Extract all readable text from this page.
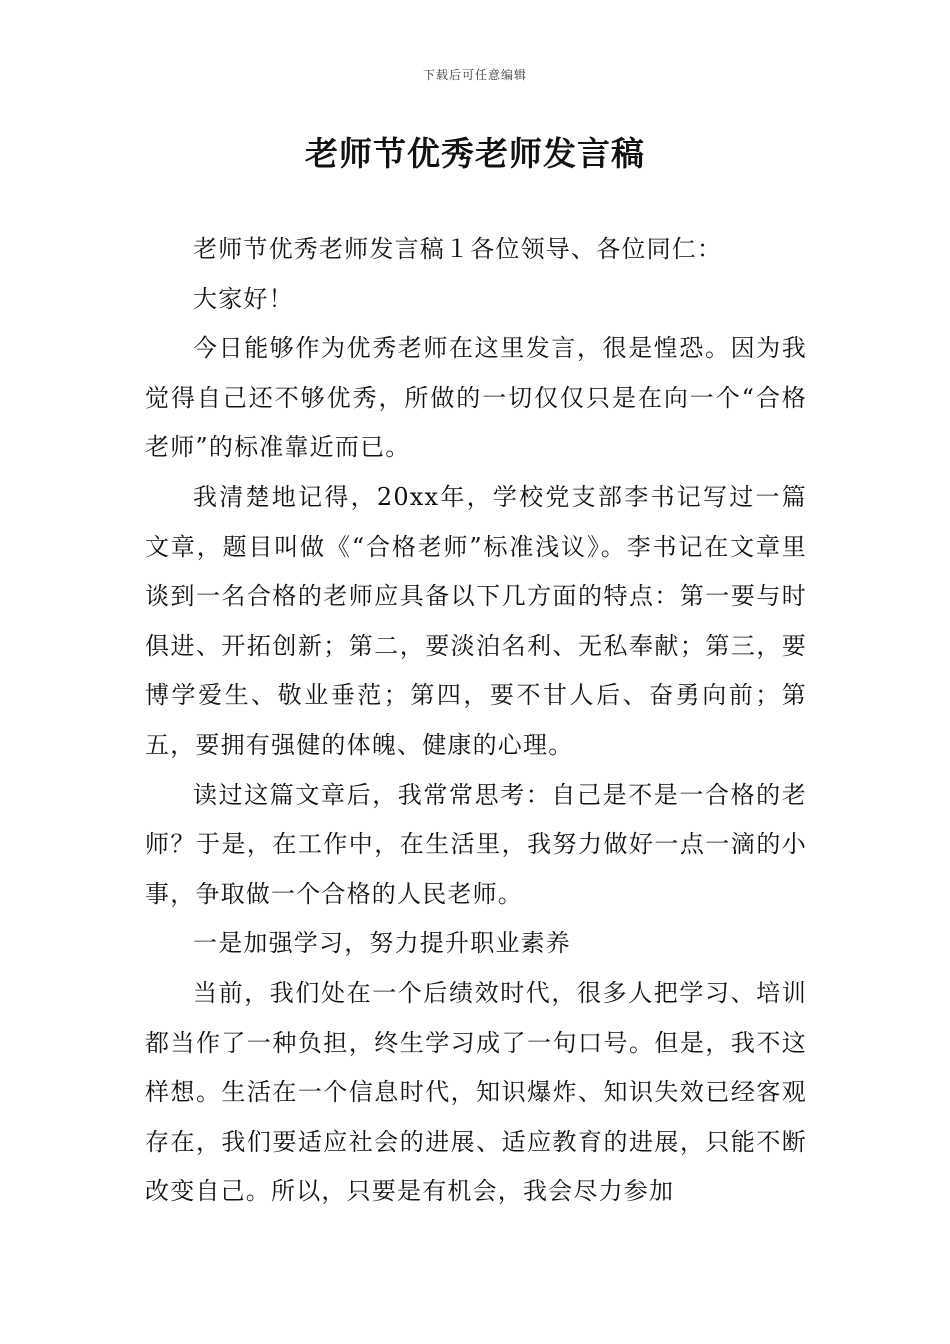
下载后可任意编辑
老师节优秀老师发言稿

老师节优秀老师发言稿１各位领导、各位同仁：

大家好！

今日能够作为优秀老师在这里发言，很是惶恐。因为我觉得自己还不够优秀，所做的一切仅仅只是在向一个“合格老师”的标准靠近而已。

我清楚地记得，20xx年，学校党支部李书记写过一篇文章，题目叫做《“合格老师”标准浅议》。李书记在文章里谈到一名合格的老师应具备以下几方面的特点：第一要与时俱进、开拓创新；第二，要淡泊名利、无私奉献；第三，要博学爱生、敬业垂范；第四，要不甘人后、奋勇向前；第五，要拥有强健的体魄、健康的心理。

读过这篇文章后，我常常思考：自己是不是一合格的老师？于是，在工作中，在生活里，我努力做好一点一滴的小事，争取做一个合格的人民老师。

一是加强学习，努力提升职业素养

当前，我们处在一个后绩效时代，很多人把学习、培训都当作了一种负担，终生学习成了一句口号。但是，我不这样想。生活在一个信息时代，知识爆炸、知识失效已经客观存在，我们要适应社会的进展、适应教育的进展，只能不断改变自己。所以，只要是有机会，我会尽力参加
